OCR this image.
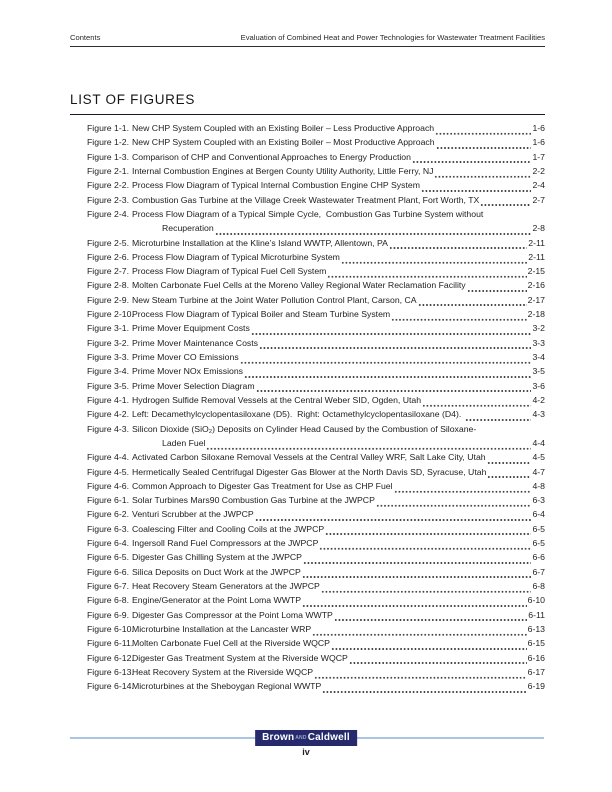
Contents	Evaluation of Combined Heat and Power Technologies for Wastewater Treatment Facilities
LIST OF FIGURES
Figure 1-1. New CHP System Coupled with an Existing Boiler – Less Productive Approach	1-6
Figure 1-2. New CHP System Coupled with an Existing Boiler – Most Productive Approach	1-6
Figure 1-3. Comparison of CHP and Conventional Approaches to Energy Production	1-7
Figure 2-1. Internal Combustion Engines at Bergen County Utility Authority, Little Ferry, NJ	2-2
Figure 2-2. Process Flow Diagram of Typical Internal Combustion Engine CHP System	2-4
Figure 2-3. Combustion Gas Turbine at the Village Creek Wastewater Treatment Plant, Fort Worth, TX	2-7
Figure 2-4. Process Flow Diagram of a Typical Simple Cycle,  Combustion Gas Turbine System without
Recuperation	2-8
Figure 2-5. Microturbine Installation at the Kline’s Island WWTP, Allentown, PA	2-11
Figure 2-6. Process Flow Diagram of Typical Microturbine System	2-11
Figure 2-7. Process Flow Diagram of Typical Fuel Cell System	2-15
Figure 2-8. Molten Carbonate Fuel Cells at the Moreno Valley Regional Water Reclamation Facility	2-16
Figure 2-9. New Steam Turbine at the Joint Water Pollution Control Plant, Carson, CA	2-17
Figure 2-10.
Process Flow Diagram of Typical Boiler and Steam Turbine System	2-18
Figure 3-1. Prime Mover Equipment Costs	3-2
Figure 3-2. Prime Mover Maintenance Costs	3-3
Figure 3-3. Prime Mover CO Emissions	3-4
Figure 3-4. Prime Mover NOx Emissions	3-5
Figure 3-5. Prime Mover Selection Diagram	3-6
Figure 4-1. Hydrogen Sulfide Removal Vessels at the Central Weber SID, Ogden, Utah	4-2
Figure 4-2. Left: Decamethylcyclopentasiloxane (D5).  Right: Octamethylcyclopentasiloxane (D4).	4-3
Figure 4-3. Silicon Dioxide (SiO₂) Deposits on Cylinder Head Caused by the Combustion of Siloxane-
Laden Fuel	4-4
Figure 4-4. Activated Carbon Siloxane Removal Vessels at the Central Valley WRF, Salt Lake City, Utah	4-5
Figure 4-5. Hermetically Sealed Centrifugal Digester Gas Blower at the North Davis SD, Syracuse, Utah	4-7
Figure 4-6. Common Approach to Digester Gas Treatment for Use as CHP Fuel	4-8
Figure 6-1. Solar Turbines Mars90 Combustion Gas Turbine at the JWPCP	6-3
Figure 6-2. Venturi Scrubber at the JWPCP	6-4
Figure 6-3. Coalescing Filter and Cooling Coils at the JWPCP	6-5
Figure 6-4. Ingersoll Rand Fuel Compressors at the JWPCP	6-5
Figure 6-5. Digester Gas Chilling System at the JWPCP	6-6
Figure 6-6. Silica Deposits on Duct Work at the JWPCP	6-7
Figure 6-7. Heat Recovery Steam Generators at the JWPCP	6-8
Figure 6-8. Engine/Generator at the Point Loma WWTP	6-10
Figure 6-9. Digester Gas Compressor at the Point Loma WWTP	6-11
Figure 6-10.
Microturbine Installation at the Lancaster WRP	6-13
Figure 6-11.
Molten Carbonate Fuel Cell at the Riverside WQCP	6-15
Figure 6-12.
Digester Gas Treatment System at the Riverside WQCP	6-16
Figure 6-13.
Heat Recovery System at the Riverside WQCP	6-17
Figure 6-14.
Microturbines at the Sheboygan Regional WWTP	6-19
BrownANDCaldwell
iv
